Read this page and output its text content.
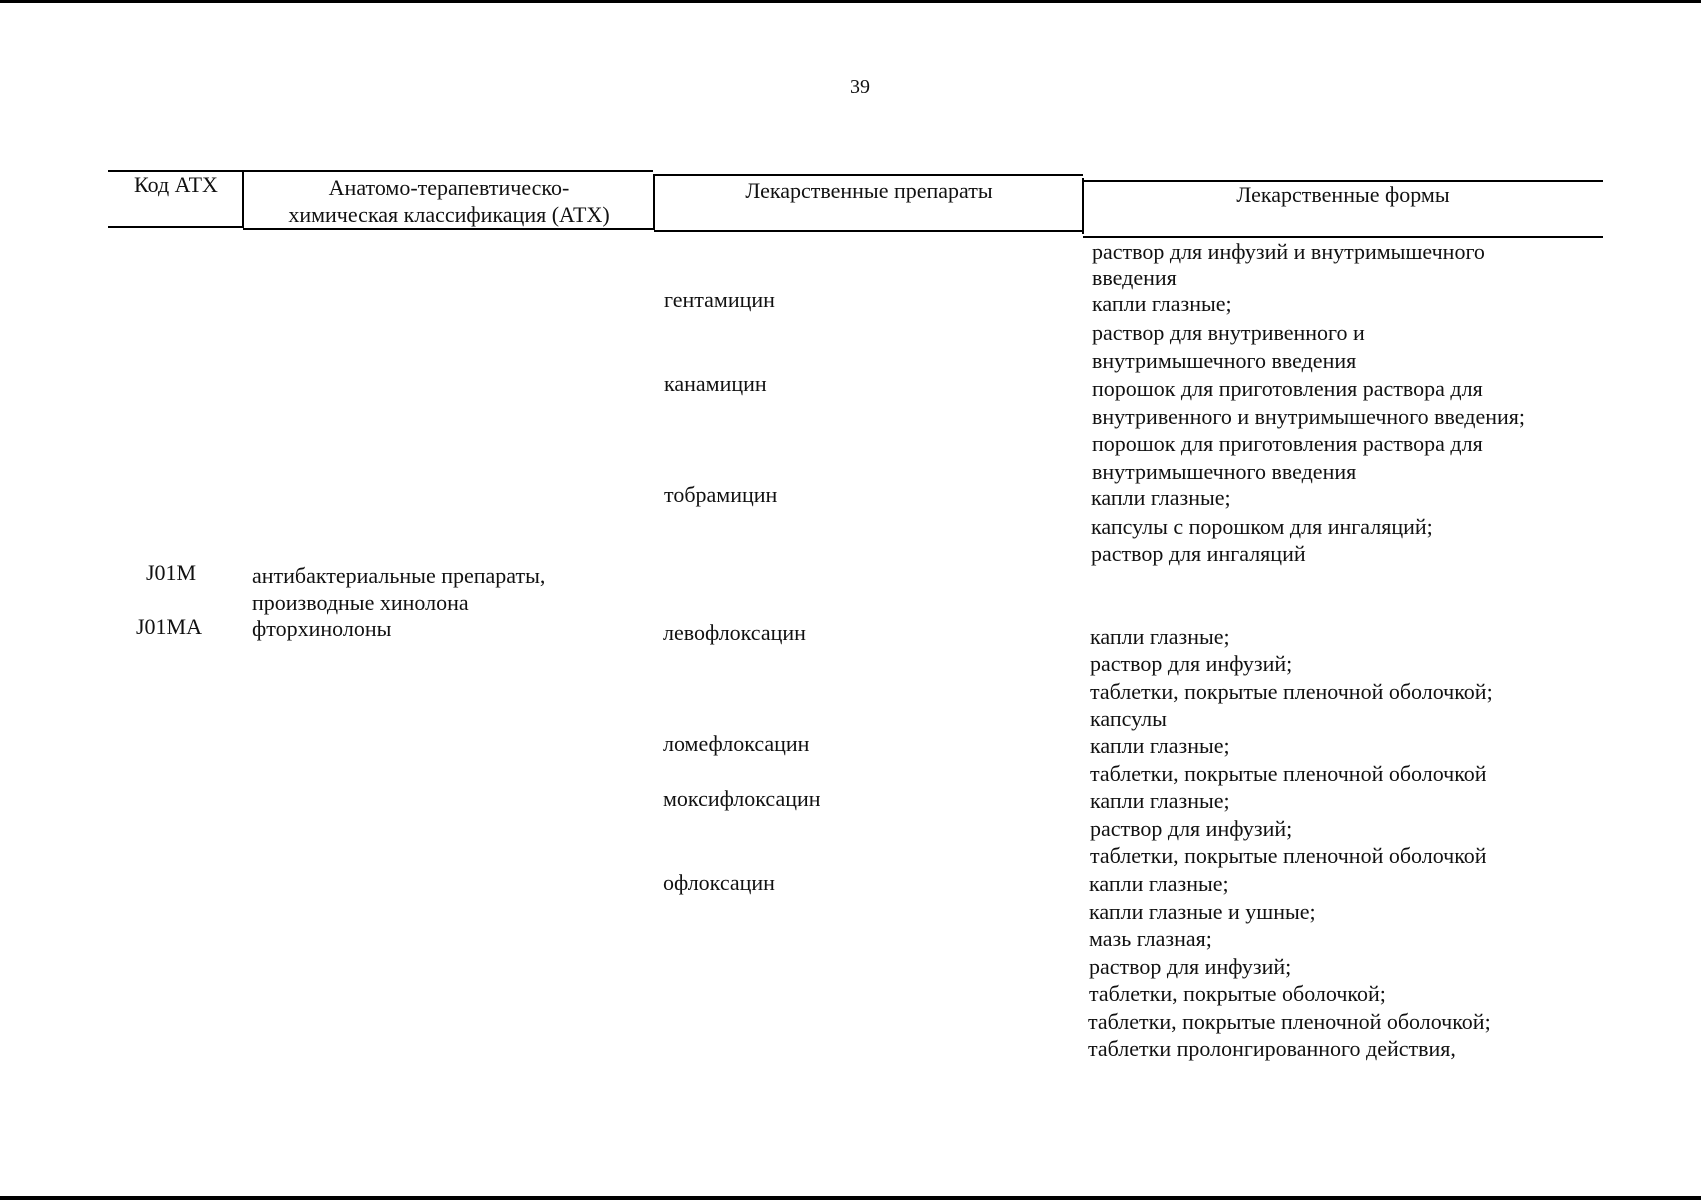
39
Код АТХ	Анатомо-терапевтическо-
химическая классификация (АТХ)
Лекарственные препараты	Лекарственные формы
J01M
J01MA
антибактериальные препараты,
производные хинолона
фторхинолоны
гентамицин
канамицин
тобрамицин
левофлоксацин
ломефлоксацин
моксифлоксацин
офлоксацин
раствор для инфузий и внутримышечного
введения
капли глазные;
раствор для внутривенного и
внутримышечного введения
порошок для приготовления раствора для
внутривенного и внутримышечного введения;
порошок для приготовления раствора для
внутримышечного введения
капли глазные;
капсулы с порошком для ингаляций;
раствор для ингаляций
капли глазные;
раствор для инфузий;
таблетки, покрытые пленочной оболочкой;
капсулы
капли глазные;
таблетки, покрытые пленочной оболочкой
капли глазные;
раствор для инфузий;
таблетки, покрытые пленочной оболочкой
капли глазные;
капли глазные и ушные;
мазь глазная;
раствор для инфузий;
таблетки, покрытые оболочкой;
таблетки, покрытые пленочной оболочкой;
таблетки пролонгированного действия,
